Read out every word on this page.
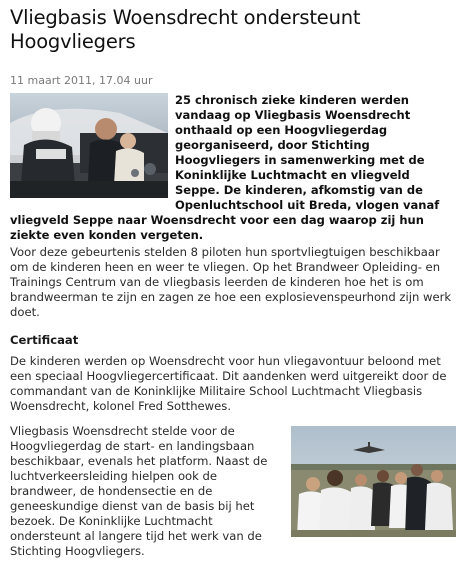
Vliegbasis Woensdrecht ondersteunt
Hoogvliegers
11 maart 2011, 17.04 uur
25 chronisch zieke kinderen werden
vandaag op Vliegbasis Woensdrecht
onthaald op een Hoogvliegerdag
georganiseerd, door Stichting
Hoogvliegers in samenwerking met de
Koninklijke Luchtmacht en vliegveld
Seppe. De kinderen, afkomstig van de
Openluchtschool uit Breda, vlogen vanaf
vliegveld Seppe naar Woensdrecht voor een dag waarop zij hun
ziekte even konden vergeten.

Voor deze gebeurtenis stelden 8 piloten hun sportvliegtuigen beschikbaar
om de kinderen heen en weer te vliegen. Op het Brandweer Opleiding- en
Trainings Centrum van de vliegbasis leerden de kinderen hoe het is om
brandweerman te zijn en zagen ze hoe een explosievenspeurhond zijn werk
doet.

Certificaat

De kinderen werden op Woensdrecht voor hun vliegavontuur beloond met
een speciaal Hoogvliegercertificaat. Dit aandenken werd uitgereikt door de
commandant van de Koninklijke Militaire School Luchtmacht Vliegbasis
Woensdrecht, kolonel Fred Sotthewes.

Vliegbasis Woensdrecht stelde voor de
Hoogvliegerdag de start- en landingsbaan
beschikbaar, evenals het platform. Naast de
luchtverkeersleiding hielpen ook de
brandweer, de hondensectie en de
geneeskundige dienst van de basis bij het
bezoek. De Koninklijke Luchtmacht
ondersteunt al langere tijd het werk van de
Stichting Hoogvliegers.
